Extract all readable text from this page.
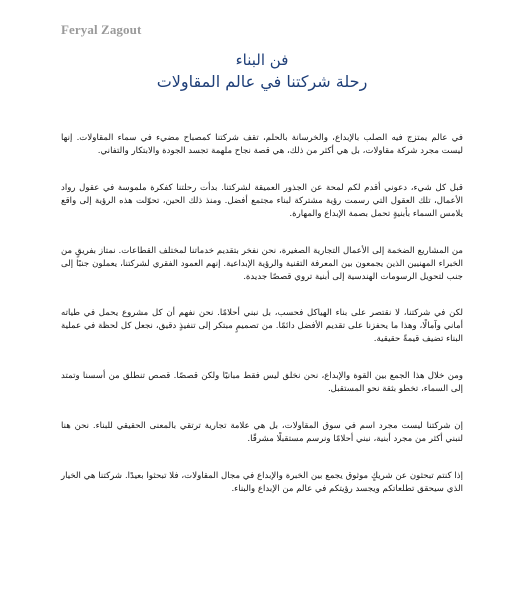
Feryal Zagout
فن البناء
رحلة شركتنا في عالم المقاولات

في عالم يمتزج فيه الصلب بالإبداع، والخرسانة بالحلم، تقف شركتنا كمصباح مضيء في سماء المقاولات. إنها ليست مجرد شركة مقاولات، بل هي أكثر من ذلك، هي قصة نجاح ملهمة تجسد الجودة والابتكار والتفاني.

قبل كل شيء، دعوني أقدم لكم لمحة عن الجذور العميقة لشركتنا. بدأت رحلتنا كفكرة ملموسة في عقول رواد الأعمال، تلك العقول التي رسمت رؤية مشتركة لبناء مجتمع أفضل. ومنذ ذلك الحين، تحوّلت هذه الرؤية إلى واقع يلامس السماء بأبنيةٍ تحمل بصمة الإبداع والمهارة.

من المشاريع الضخمة إلى الأعمال التجارية الصغيرة، نحن نفخر بتقديم خدماتنا لمختلف القطاعات. نمتاز بفريقٍ من الخبراء المهنيين الذين يجمعون بين المعرفة التقنية والرؤية الإبداعية. إنهم العمود الفقري لشركتنا، يعملون جنبًا إلى جنب لتحويل الرسومات الهندسية إلى أبنية تروي قصصًا جديدة.

لكن في شركتنا، لا نقتصر على بناء الهياكل فحسب، بل نبني أحلامًا. نحن نفهم أن كل مشروع يحمل في طياته أماني وآمالًا، وهذا ما يحفزنا على تقديم الأفضل دائمًا. من تصميمٍ مبتكر إلى تنفيذٍ دقيق، نجعل كل لحظة في عملية البناء تضيف قيمةً حقيقية.

ومن خلال هذا الجمع بين القوة والإبداع، نحن نخلق ليس فقط مبانيًا ولكن قصصًا. قصص تنطلق من أسسنا وتمتد إلى السماء، تخطو بثقة نحو المستقبل.

إن شركتنا ليست مجرد اسم في سوق المقاولات، بل هي علامة تجارية ترتقي بالمعنى الحقيقي للبناء. نحن هنا لنبني أكثر من مجرد أبنية، نبني أحلامًا ونرسم مستقبلًا مشرقًا.

إذا كنتم تبحثون عن شريكٍ موثوق يجمع بين الخبرة والإبداع في مجال المقاولات، فلا تبحثوا بعيدًا. شركتنا هي الخيار الذي سيحقق تطلعاتكم ويجسد رؤيتكم في عالم من الإبداع والبناء.
